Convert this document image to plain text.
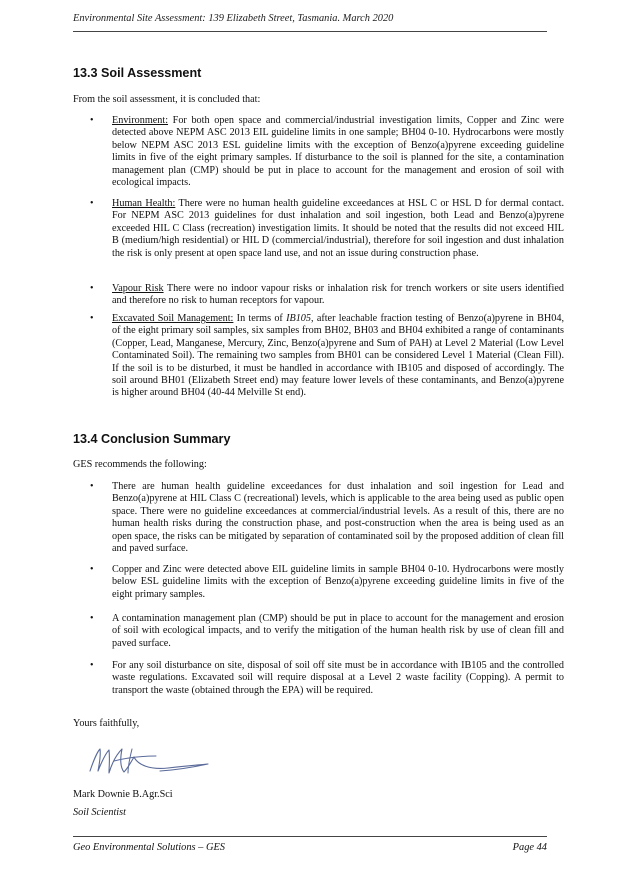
Environmental Site Assessment: 139 Elizabeth Street, Tasmania. March 2020
13.3 Soil Assessment
From the soil assessment, it is concluded that:
• Environment: For both open space and commercial/industrial investigation limits, Copper and Zinc were detected above NEPM ASC 2013 EIL guideline limits in one sample; BH04 0-10. Hydrocarbons were mostly below NEPM ASC 2013 ESL guideline limits with the exception of Benzo(a)pyrene exceeding guideline limits in five of the eight primary samples. If disturbance to the soil is planned for the site, a contamination management plan (CMP) should be put in place to account for the management and erosion of soil with ecological impacts.
• Human Health: There were no human health guideline exceedances at HSL C or HSL D for dermal contact. For NEPM ASC 2013 guidelines for dust inhalation and soil ingestion, both Lead and Benzo(a)pyrene exceeded HIL C Class (recreation) investigation limits. It should be noted that the results did not exceed HIL B (medium/high residential) or HIL D (commercial/industrial), therefore for soil ingestion and dust inhalation the risk is only present at open space land use, and not an issue during construction phase.
• Vapour Risk There were no indoor vapour risks or inhalation risk for trench workers or site users identified and therefore no risk to human receptors for vapour.
• Excavated Soil Management: In terms of IB105, after leachable fraction testing of Benzo(a)pyrene in BH04, of the eight primary soil samples, six samples from BH02, BH03 and BH04 exhibited a range of contaminants (Copper, Lead, Manganese, Mercury, Zinc, Benzo(a)pyrene and Sum of PAH) at Level 2 Material (Low Level Contaminated Soil). The remaining two samples from BH01 can be considered Level 1 Material (Clean Fill). If the soil is to be disturbed, it must be handled in accordance with IB105 and disposed of accordingly. The soil around BH01 (Elizabeth Street end) may feature lower levels of these contaminants, and Benzo(a)pyrene is higher around BH04 (40-44 Melville St end).
13.4 Conclusion Summary
GES recommends the following:
• There are human health guideline exceedances for dust inhalation and soil ingestion for Lead and Benzo(a)pyrene at HIL Class C (recreational) levels, which is applicable to the area being used as public open space. There were no guideline exceedances at commercial/industrial levels. As a result of this, there are no human health risks during the construction phase, and post-construction when the area is being used as an open space, the risks can be mitigated by separation of contaminated soil by the proposed addition of clean fill and paved surface.
• Copper and Zinc were detected above EIL guideline limits in sample BH04 0-10. Hydrocarbons were mostly below ESL guideline limits with the exception of Benzo(a)pyrene exceeding guideline limits in five of the eight primary samples.
• A contamination management plan (CMP) should be put in place to account for the management and erosion of soil with ecological impacts, and to verify the mitigation of the human health risk by use of clean fill and paved surface.
• For any soil disturbance on site, disposal of soil off site must be in accordance with IB105 and the controlled waste regulations. Excavated soil will require disposal at a Level 2 waste facility (Copping). A permit to transport the waste (obtained through the EPA) will be required.
Yours faithfully,
Mark Downie B.Agr.Sci
Soil Scientist
Geo Environmental Solutions – GES	Page 44
